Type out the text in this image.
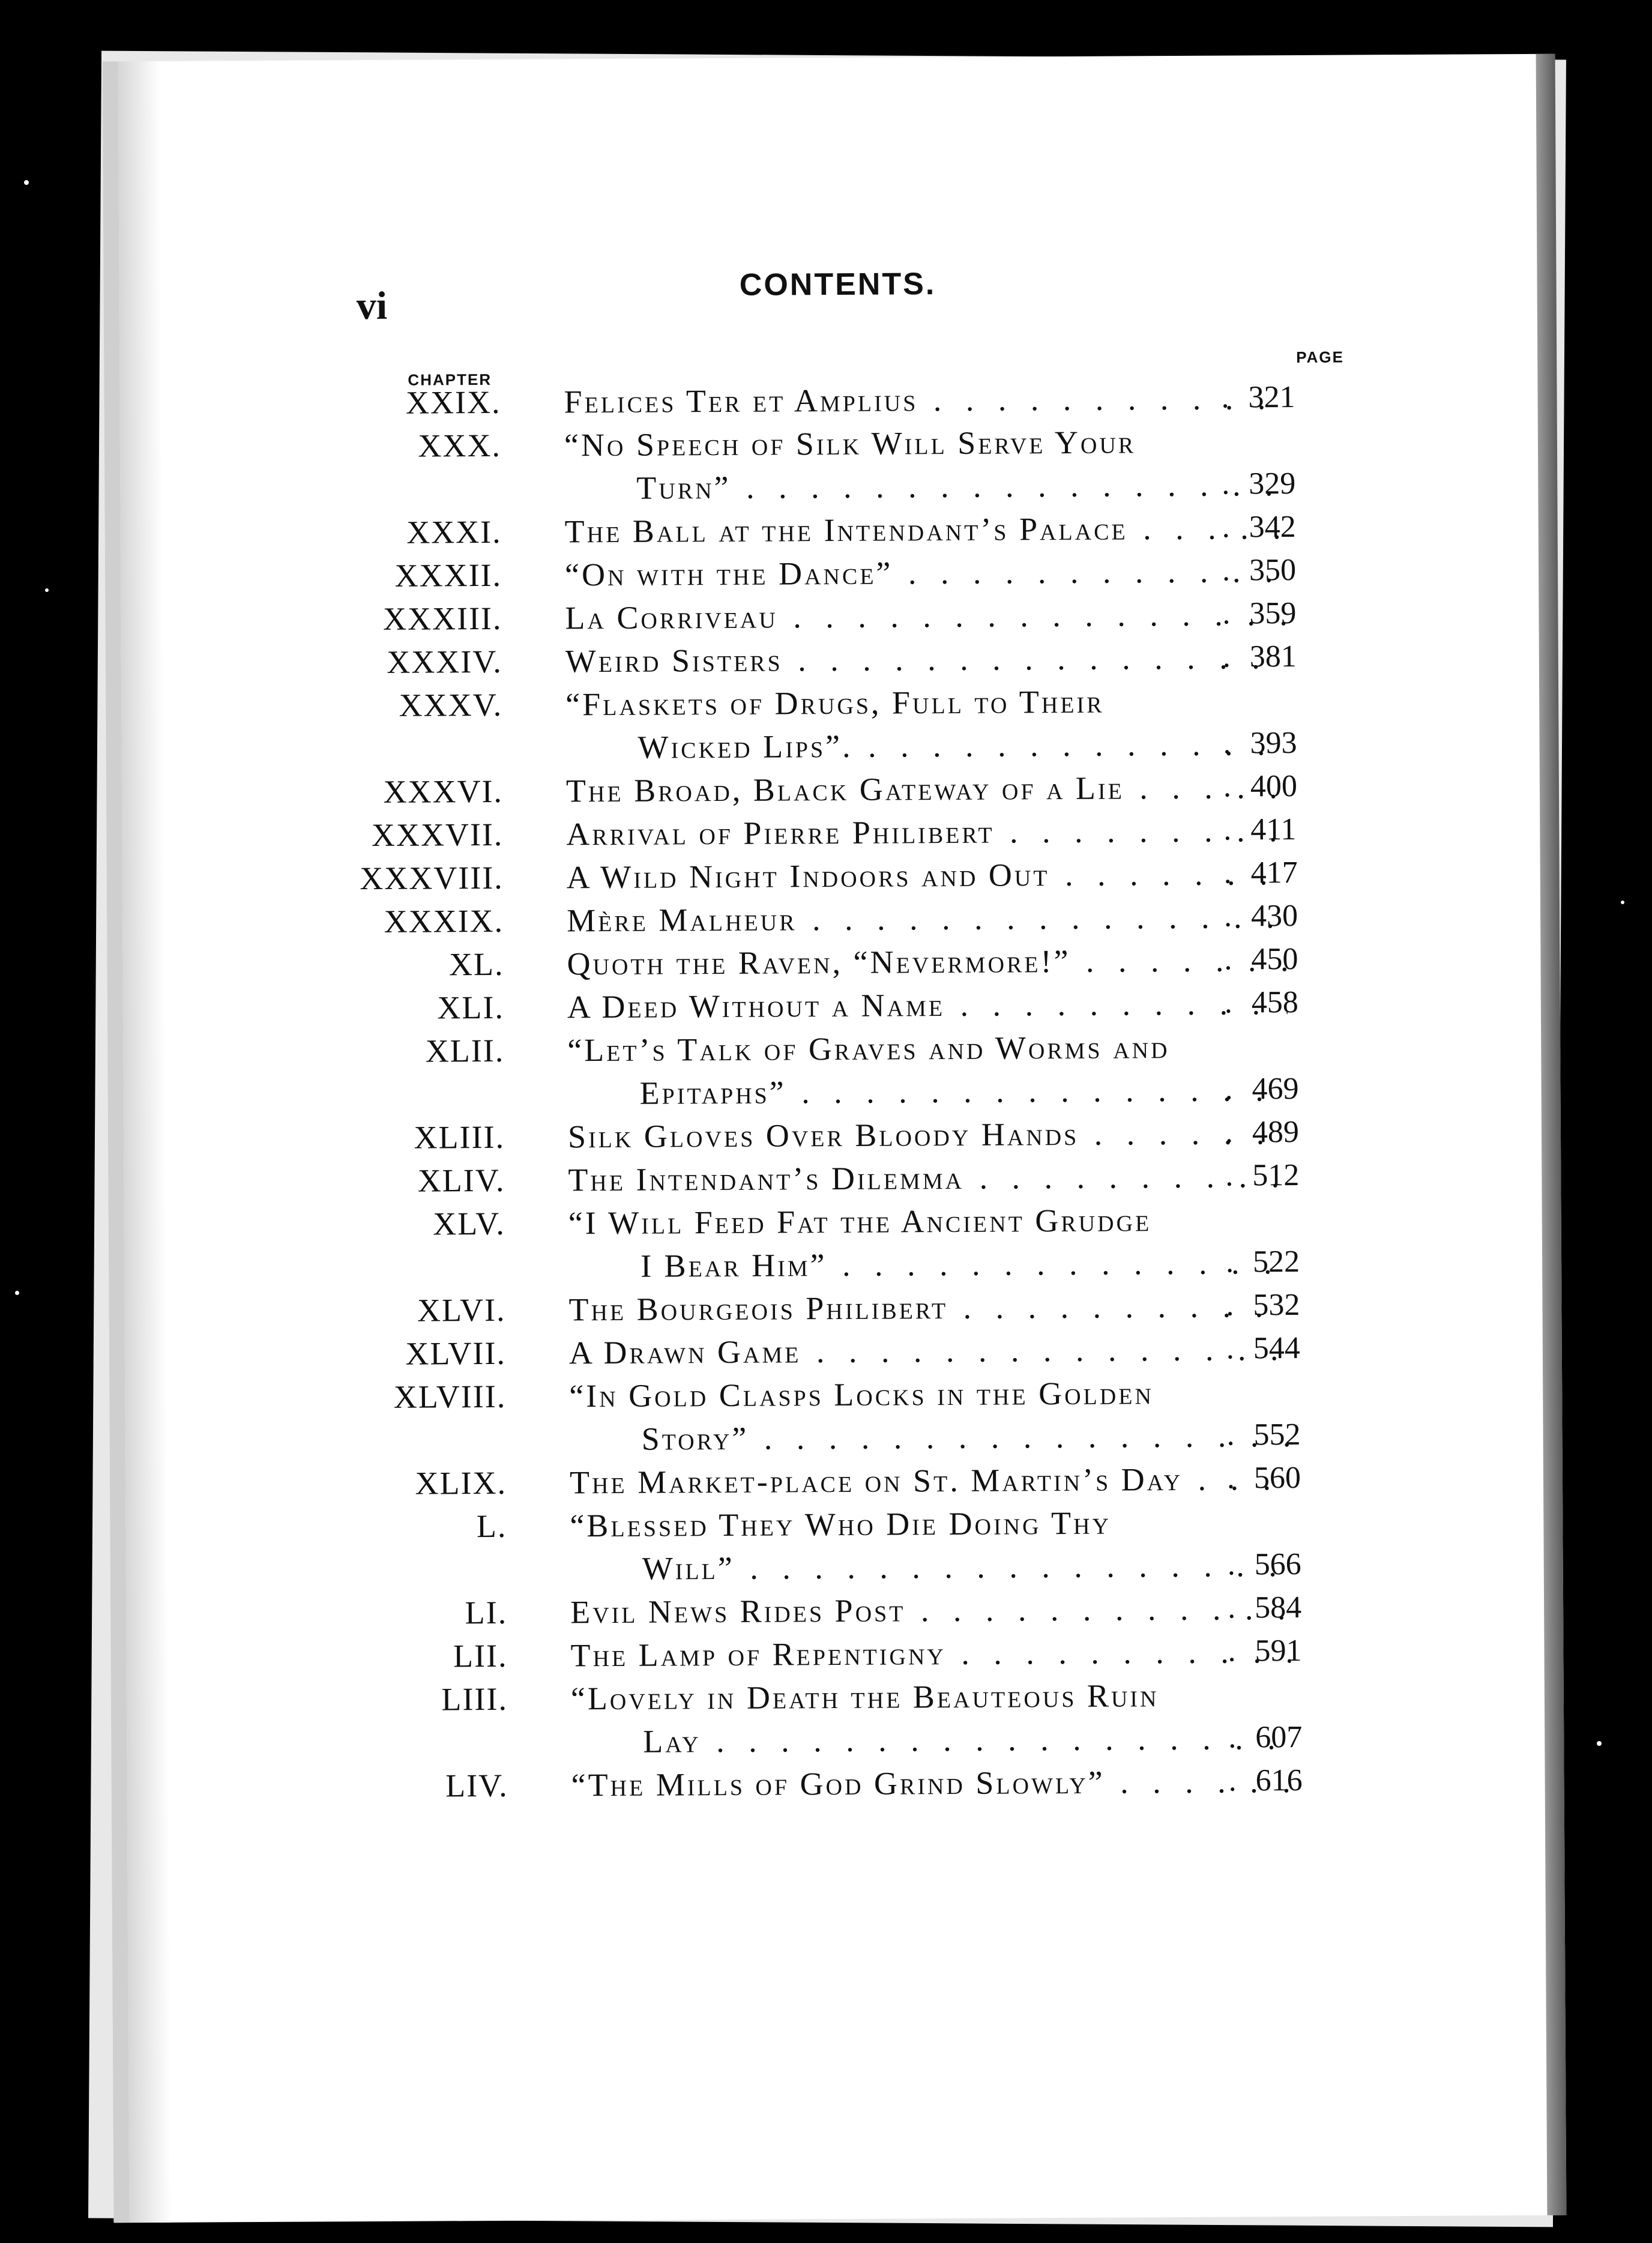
vi	CONTENTS.
CHAPTER
PAGE
XXIX. Felices Ter et Amplius . .	. 321
XXX. “No Speech of Silk Will Serve Your
Turn” . .	. 329
XXXI. The Ball at the Intendant’s Palace . .	. 342
XXXII. “On with the Dance” . .	. 350
XXXIII. La Corriveau . .	. 359
XXXIV. Weird Sisters . .	. 381
XXXV. “Flaskets of Drugs, Full to Their
Wicked Lips”. . .	. 393
XXXVI. The Broad, Black Gateway of a Lie . .	. 400
XXXVII. Arrival of Pierre Philibert . .	. 411
XXXVIII. A Wild Night Indoors and Out . .	. 417
XXXIX. Mère Malheur . .	. 430
XL. Quoth the Raven, “Nevermore!” . .	. 450
XLI. A Deed Without a Name . .	. 458
XLII. “Let’s Talk of Graves and Worms and
Epitaphs” . .	. 469
XLIII. Silk Gloves Over Bloody Hands . .	. 489
XLIV. The Intendant’s Dilemma . .	. 512
XLV. “I Will Feed Fat the Ancient Grudge
I Bear Him” . .	. 522
XLVI. The Bourgeois Philibert . .	. 532
XLVII. A Drawn Game . .	. 544
XLVIII. “In Gold Clasps Locks in the Golden
Story” . .	. 552
XLIX. The Market-place on St. Martin’s Day . . . 560
L. “Blessed They Who Die Doing Thy
Will” . .	. 566
LI. Evil News Rides Post . .	. 584
LII. The Lamp of Repentigny . .	. 591
LIII. “Lovely in Death the Beauteous Ruin
Lay . .	. 607
LIV. “The Mills of God Grind Slowly” . .	. 616
